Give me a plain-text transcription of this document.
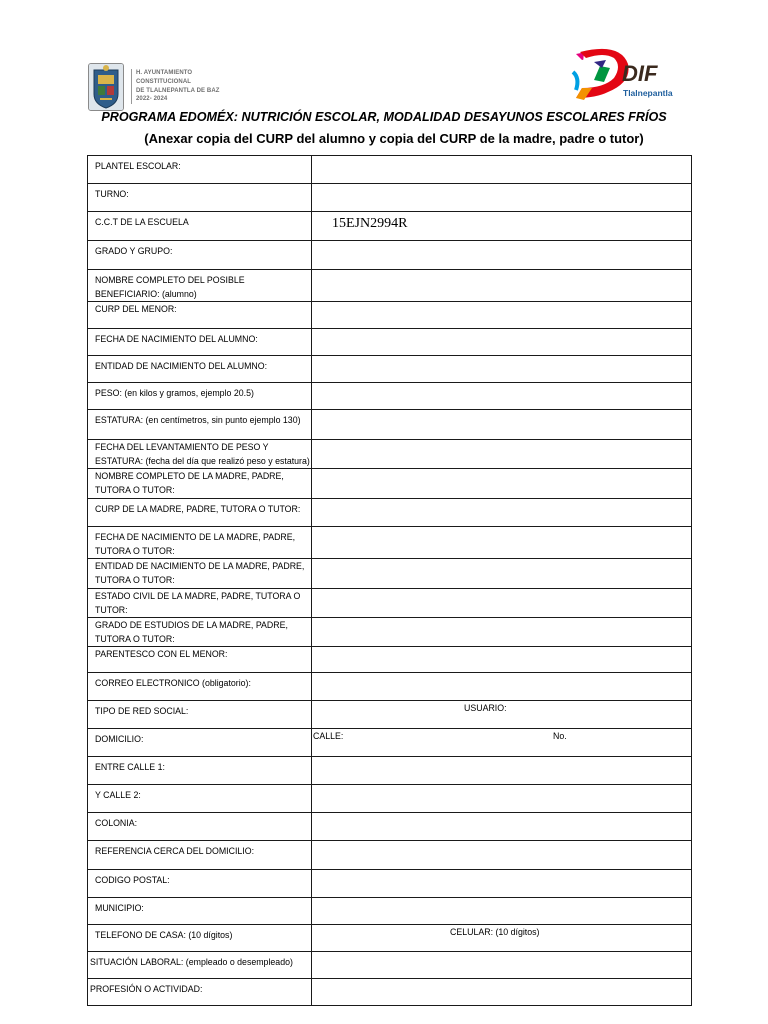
H. AYUNTAMIENTO
CONSTITUCIONAL
DE TLALNEPANTLA DE BAZ
2022- 2024
DIF
Tlalnepantla
PROGRAMA EDOMÉX: NUTRICIÓN ESCOLAR, MODALIDAD DESAYUNOS ESCOLARES FRÍOS
(Anexar copia del CURP del alumno y copia del CURP de la madre, padre o tutor)
PLANTEL ESCOLAR:	

TURNO:	

C.C.T DE LA ESCUELA	15EJN2994R

GRADO Y GRUPO:	

NOMBRE COMPLETO DEL POSIBLE BENEFICIARIO: (alumno)	

CURP DEL MENOR:	

FECHA DE NACIMIENTO DEL ALUMNO:	

ENTIDAD DE NACIMIENTO DEL ALUMNO:	

PESO: (en kilos y gramos, ejemplo 20.5)	

ESTATURA: (en centímetros, sin punto ejemplo 130)	

FECHA DEL LEVANTAMIENTO DE PESO Y ESTATURA: (fecha del día que realizó peso y estatura)	

NOMBRE COMPLETO DE LA MADRE, PADRE, TUTORA O TUTOR:	

CURP DE LA MADRE, PADRE, TUTORA O TUTOR:	

FECHA DE NACIMIENTO DE LA MADRE, PADRE, TUTORA O TUTOR:	

ENTIDAD DE NACIMIENTO DE LA MADRE, PADRE, TUTORA O TUTOR:	

ESTADO CIVIL DE LA MADRE, PADRE, TUTORA O TUTOR:	

GRADO DE ESTUDIOS DE LA MADRE, PADRE, TUTORA O TUTOR:	

PARENTESCO CON EL MENOR:	

CORREO ELECTRONICO (obligatorio):	

TIPO DE RED SOCIAL:	USUARIO:

DOMICILIO:	CALLE: No.

ENTRE CALLE 1:	

Y CALLE 2:	

COLONIA:	

REFERENCIA CERCA DEL DOMICILIO:	

CODIGO POSTAL:	

MUNICIPIO:	

TELEFONO DE CASA: (10 dígitos)	CELULAR: (10 dígitos)

SITUACIÓN LABORAL: (empleado o desempleado)	

PROFESIÓN O ACTIVIDAD:	
